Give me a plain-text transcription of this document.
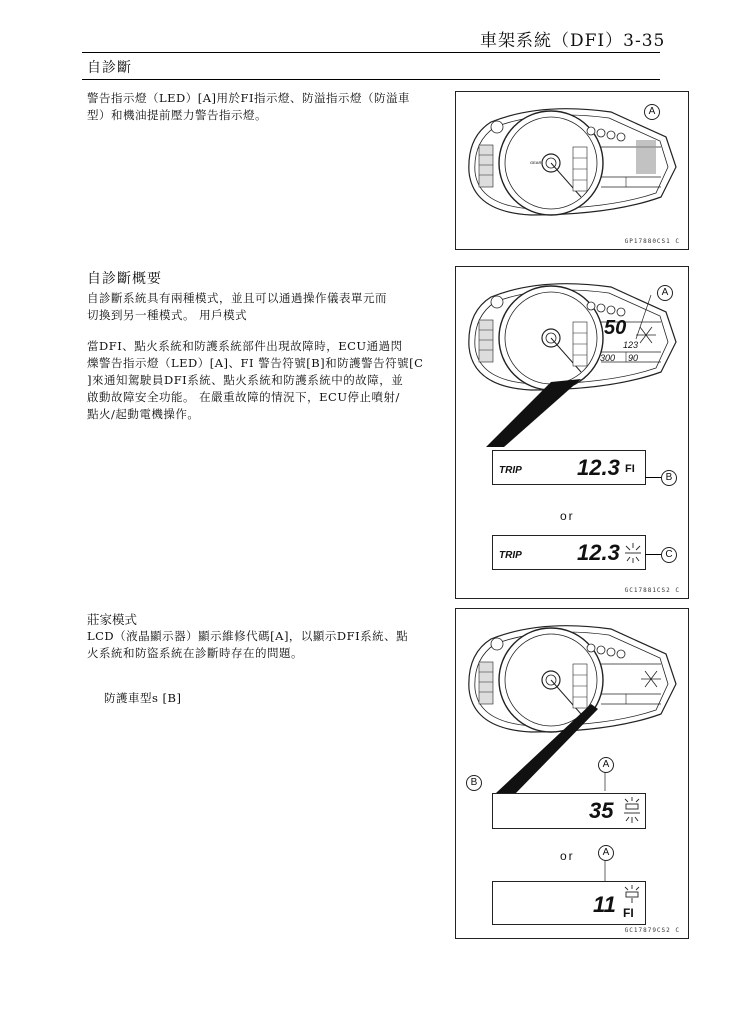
車架系統（DFI）3-35
自診斷

警告指示燈（LED）[A]用於FI指示燈、防溢指示燈（防溢車

型）和機油提前壓力警告指示燈。

自診斷概要

自診斷系統具有兩種模式，並且可以通過操作儀表單元而

切換到另一種模式。 用戶模式

當DFI、點火系統和防護系統部件出現故障時，ECU通過閃

爍警告指示燈（LED）[A]、FI 警告符號[B]和防護警告符號[C

]來通知駕駛員DFI系統、點火系統和防護系統中的故障，並

啟動故障安全功能。 在嚴重故障的情況下，ECU停止噴射/

點火/起動電機操作。

莊家模式

LCD（液晶顯示器）顯示維修代碼[A]，以顯示DFI系統、點

火系統和防盜系統在診斷時存在的問題。

防護車型s [B]
GEAR
A
GP17880CS1 C
50
123
300 90
A
TRIP	12.3 FI
B
or
TRIP	12.3	C
GC17881CS2 C
A
B
35
or	A
11 FI
GC17879CS2 C
